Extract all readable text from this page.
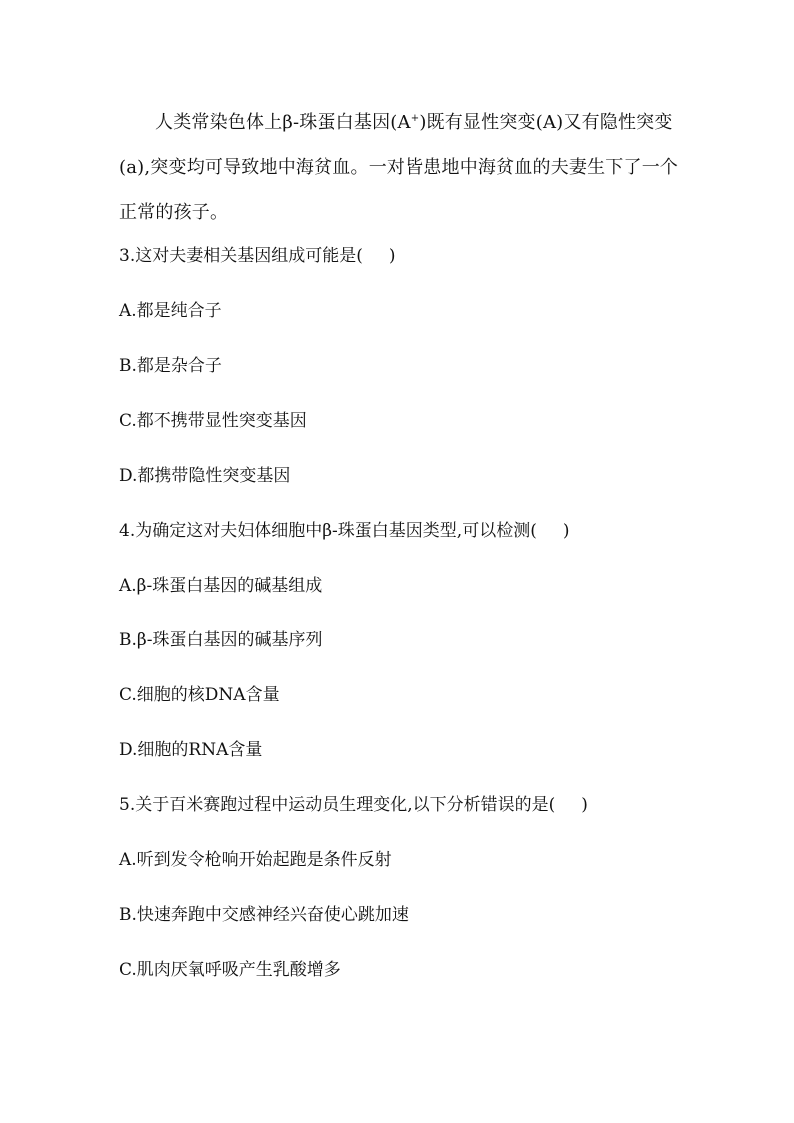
人类常染色体上β-珠蛋白基因(A+)既有显性突变(A)又有隐性突变(a),突变均可导致地中海贫血。一对皆患地中海贫血的夫妻生下了一个正常的孩子。

3.这对夫妻相关基因组成可能是( )

A.都是纯合子

B.都是杂合子

C.都不携带显性突变基因

D.都携带隐性突变基因

4.为确定这对夫妇体细胞中β-珠蛋白基因类型,可以检测( )

A.β-珠蛋白基因的碱基组成

B.β-珠蛋白基因的碱基序列

C.细胞的核DNA含量

D.细胞的RNA含量

5.关于百米赛跑过程中运动员生理变化,以下分析错误的是( )

A.听到发令枪响开始起跑是条件反射

B.快速奔跑中交感神经兴奋使心跳加速

C.肌肉厌氧呼吸产生乳酸增多
